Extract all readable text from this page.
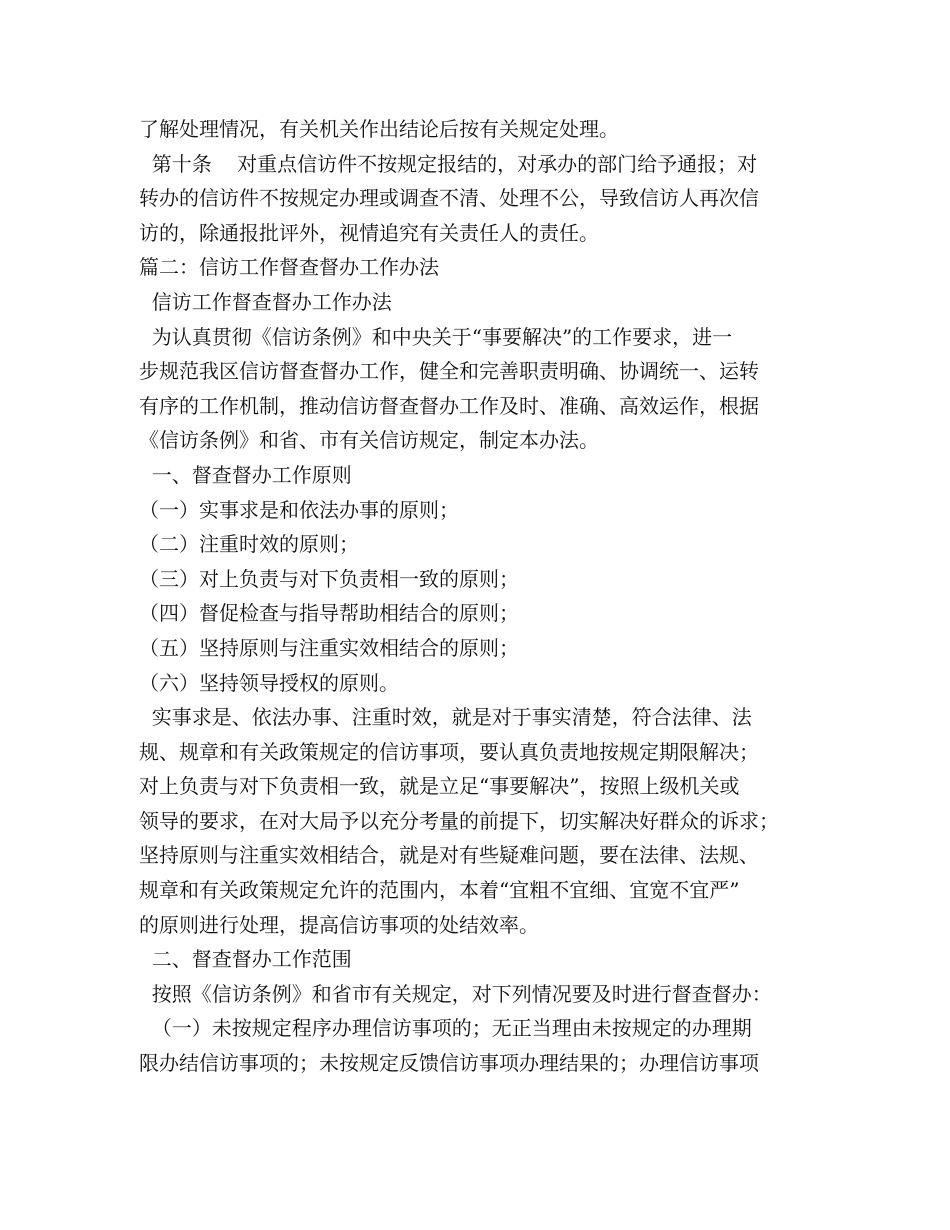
了解处理情况，有关机关作出结论后按有关规定处理。
第十条    对重点信访件不按规定报结的，对承办的部门给予通报；对
转办的信访件不按规定办理或调查不清、处理不公，导致信访人再次信
访的，除通报批评外，视情追究有关责任人的责任。
篇二：信访工作督查督办工作办法
信访工作督查督办工作办法
为认真贯彻《信访条例》和中央关于“事要解决”的工作要求，进一
步规范我区信访督查督办工作，健全和完善职责明确、协调统一、运转
有序的工作机制，推动信访督查督办工作及时、准确、高效运作，根据
《信访条例》和省、市有关信访规定，制定本办法。
一、督查督办工作原则
（一）实事求是和依法办事的原则；
（二）注重时效的原则；
（三）对上负责与对下负责相一致的原则；
（四）督促检查与指导帮助相结合的原则；
（五）坚持原则与注重实效相结合的原则；
（六）坚持领导授权的原则。
实事求是、依法办事、注重时效，就是对于事实清楚，符合法律、法
规、规章和有关政策规定的信访事项，要认真负责地按规定期限解决；
对上负责与对下负责相一致，就是立足“事要解决”，按照上级机关或
领导的要求，在对大局予以充分考量的前提下，切实解决好群众的诉求；
坚持原则与注重实效相结合，就是对有些疑难问题，要在法律、法规、
规章和有关政策规定允许的范围内，本着“宜粗不宜细、宜宽不宜严”
的原则进行处理，提高信访事项的处结效率。
二、督查督办工作范围
按照《信访条例》和省市有关规定，对下列情况要及时进行督查督办：
（一）未按规定程序办理信访事项的；无正当理由未按规定的办理期
限办结信访事项的；未按规定反馈信访事项办理结果的；办理信访事项
